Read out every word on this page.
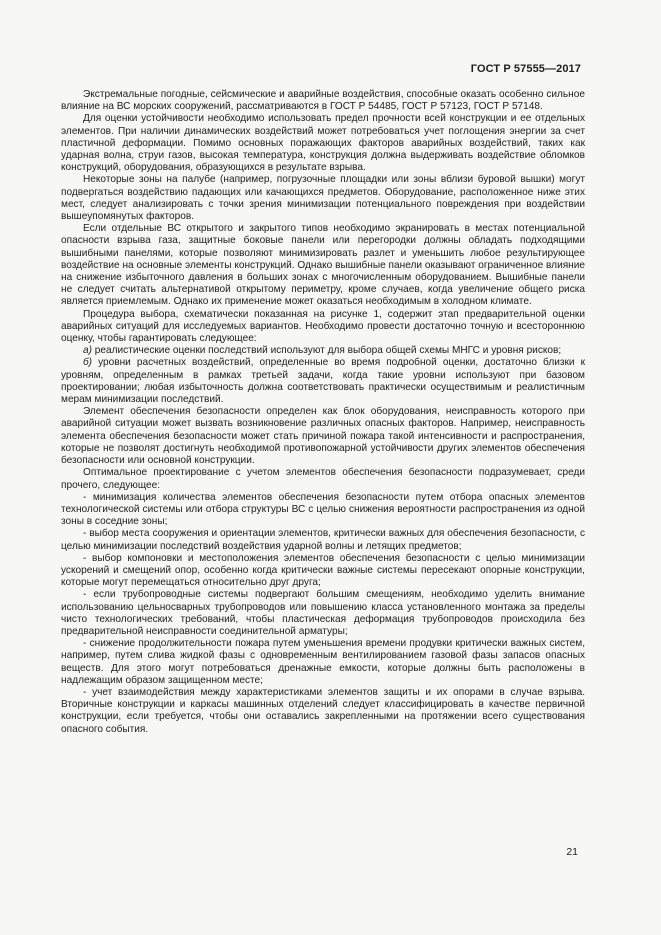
ГОСТ Р 57555—2017

Экстремальные погодные, сейсмические и аварийные воздействия, способные оказать особенно сильное влияние на ВС морских сооружений, рассматриваются в ГОСТ Р 54485, ГОСТ Р 57123, ГОСТ Р 57148.

Для оценки устойчивости необходимо использовать предел прочности всей конструкции и ее отдельных элементов. При наличии динамических воздействий может потребоваться учет поглощения энергии за счет пластичной деформации. Помимо основных поражающих факторов аварийных воздействий, таких как ударная волна, струи газов, высокая температура, конструкция должна выдерживать воздействие обломков конструкций, оборудования, образующихся в результате взрыва.

Некоторые зоны на палубе (например, погрузочные площадки или зоны вблизи буровой вышки) могут подвергаться воздействию падающих или качающихся предметов. Оборудование, расположенное ниже этих мест, следует анализировать с точки зрения минимизации потенциального повреждения при воздействии вышеупомянутых факторов.

Если отдельные ВС открытого и закрытого типов необходимо экранировать в местах потенциальной опасности взрыва газа, защитные боковые панели или перегородки должны обладать подходящими вышибными панелями, которые позволяют минимизировать разлет и уменьшить любое результирующее воздействие на основные элементы конструкций. Однако вышибные панели оказывают ограниченное влияние на снижение избыточного давления в больших зонах с многочисленным оборудованием. Вышибные панели не следует считать альтернативой открытому периметру, кроме случаев, когда увеличение общего риска является приемлемым. Однако их применение может оказаться необходимым в холодном климате.

Процедура выбора, схематически показанная на рисунке 1, содержит этап предварительной оценки аварийных ситуаций для исследуемых вариантов. Необходимо провести достаточно точную и всестороннюю оценку, чтобы гарантировать следующее:

а) реалистические оценки последствий используют для выбора общей схемы МНГС и уровня рисков;

б) уровни расчетных воздействий, определенные во время подробной оценки, достаточно близки к уровням, определенным в рамках третьей задачи, когда такие уровни используют при базовом проектировании; любая избыточность должна соответствовать практически осуществимым и реалистичным мерам минимизации последствий.

Элемент обеспечения безопасности определен как блок оборудования, неисправность которого при аварийной ситуации может вызвать возникновение различных опасных факторов. Например, неисправность элемента обеспечения безопасности может стать причиной пожара такой интенсивности и распространения, которые не позволят достигнуть необходимой противопожарной устойчивости других элементов обеспечения безопасности или основной конструкции.

Оптимальное проектирование с учетом элементов обеспечения безопасности подразумевает, среди прочего, следующее:

- минимизация количества элементов обеспечения безопасности путем отбора опасных элементов технологической системы или отбора структуры ВС с целью снижения вероятности распространения из одной зоны в соседние зоны;

- выбор места сооружения и ориентации элементов, критически важных для обеспечения безопасности, с целью минимизации последствий воздействия ударной волны и летящих предметов;

- выбор компоновки и местоположения элементов обеспечения безопасности с целью минимизации ускорений и смещений опор, особенно когда критически важные системы пересекают опорные конструкции, которые могут перемещаться относительно друг друга;

- если трубопроводные системы подвергают большим смещениям, необходимо уделить внимание использованию цельносварных трубопроводов или повышению класса установленного монтажа за пределы чисто технологических требований, чтобы пластическая деформация трубопроводов происходила без предварительной неисправности соединительной арматуры;

- снижение продолжительности пожара путем уменьшения времени продувки критически важных систем, например, путем слива жидкой фазы с одновременным вентилированием газовой фазы запасов опасных веществ. Для этого могут потребоваться дренажные емкости, которые должны быть расположены в надлежащим образом защищенном месте;

- учет взаимодействия между характеристиками элементов защиты и их опорами в случае взрыва. Вторичные конструкции и каркасы машинных отделений следует классифицировать в качестве первичной конструкции, если требуется, чтобы они оставались закрепленными на протяжении всего существования опасного события.

21
